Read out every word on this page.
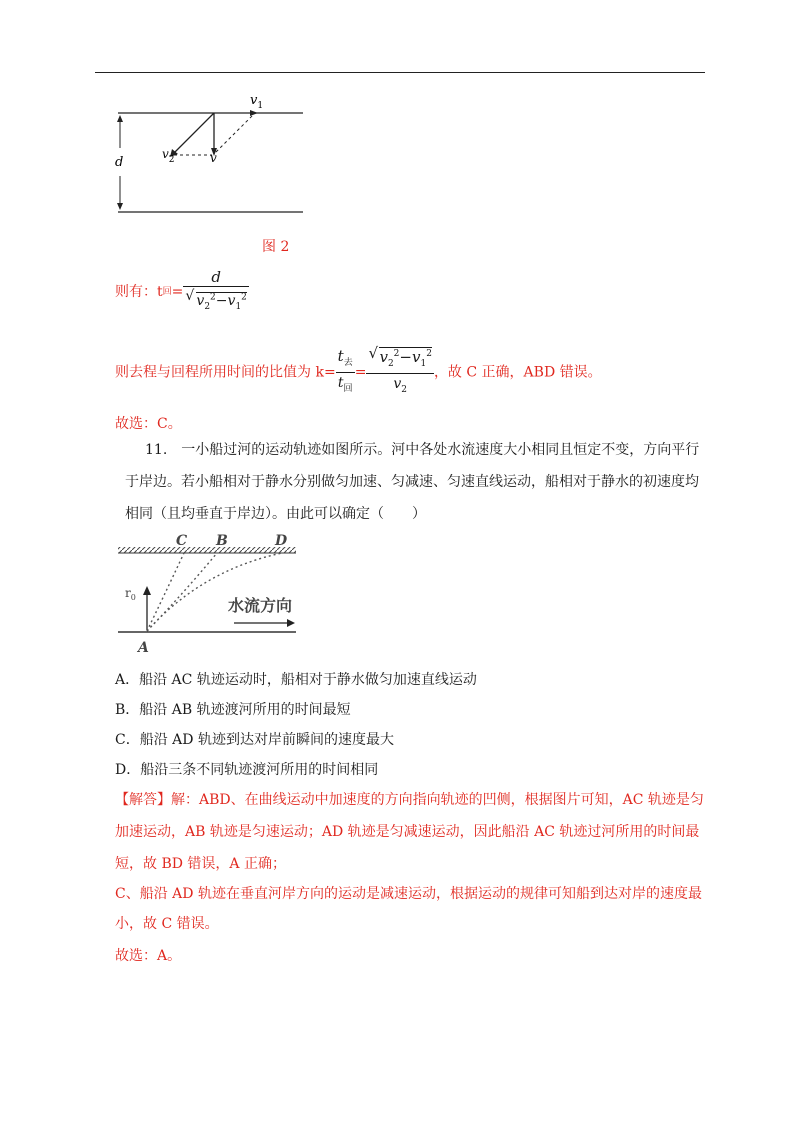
$v_1$
$v_2$	v
d
图 2
则有：t回= d
√ $v_2^2-v_1^2$
则去程与回程所用时间的比值为 $k= \frac{t_去}{t_回}$ =
√ $\frac{v_2^2-v_1^2}{v_2}$ ，故 C 正确，ABD 错误。
故选：C。
11.　一小船过河的运动轨迹如图所示。河中各处水流速度大小相同且恒定不变，方向平行
于岸边。若小船相对于静水分别做匀加速、匀减速、匀速直线运动，船相对于静水的初速度均
相同（且均垂直于岸边）。由此可以确定（　　）
C B	D
A
$r_0$	水流方向
A．船沿 AC 轨迹运动时，船相对于静水做匀加速直线运动
B．船沿 AB 轨迹渡河所用的时间最短
C．船沿 AD 轨迹到达对岸前瞬间的速度最大
D．船沿三条不同轨迹渡河所用的时间相同
【解答】解：ABD、在曲线运动中加速度的方向指向轨迹的凹侧，根据图片可知，AC 轨迹是匀
加速运动，AB 轨迹是匀速运动；AD 轨迹是匀减速运动，因此船沿 AC 轨迹过河所用的时间最
短，故 BD 错误，A 正确；
C、船沿 AD 轨迹在垂直河岸方向的运动是减速运动，根据运动的规律可知船到达对岸的速度最
小，故 C 错误。
故选：A。
